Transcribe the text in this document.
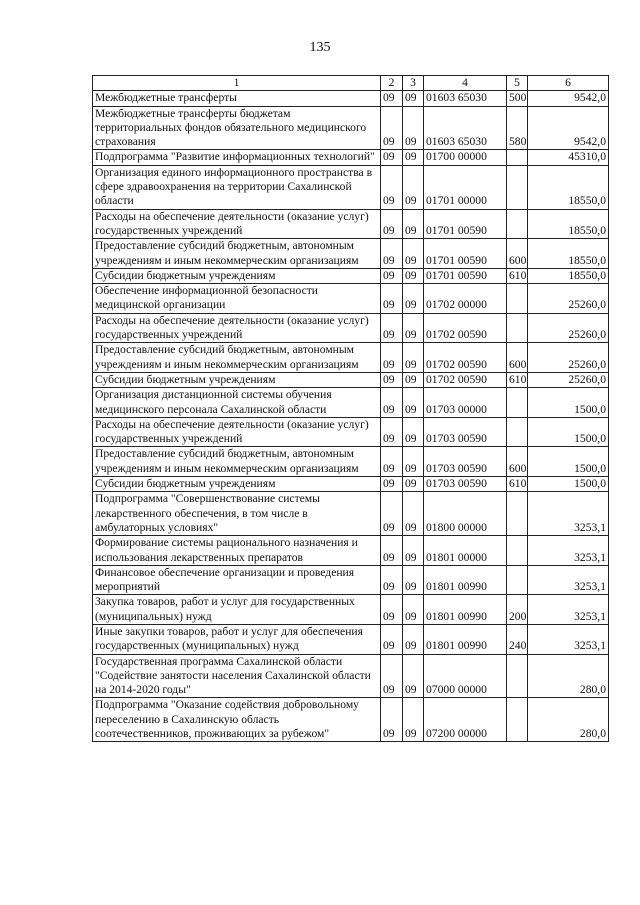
135
1	2	3	4	5	6
Межбюджетные трансферты	09	09	01603 65030	500	9542,0
Межбюджетные трансферты бюджетам территориальных фондов обязательного медицинского страхования	09	09	01603 65030	580	9542,0
Подпрограмма "Развитие информационных технологий"	09	09	01700 00000		45310,0
Организация единого информационного пространства в сфере здравоохранения на территории Сахалинской области	09	09	01701 00000		18550,0
Расходы на обеспечение деятельности (оказание услуг) государственных учреждений	09	09	01701 00590		18550,0
Предоставление субсидий бюджетным, автономным учреждениям и иным некоммерческим организациям	09	09	01701 00590	600	18550,0
Субсидии бюджетным учреждениям	09	09	01701 00590	610	18550,0
Обеспечение информационной безопасности медицинской организации	09	09	01702 00000		25260,0
Расходы на обеспечение деятельности (оказание услуг) государственных учреждений	09	09	01702 00590		25260,0
Предоставление субсидий бюджетным, автономным учреждениям и иным некоммерческим организациям	09	09	01702 00590	600	25260,0
Субсидии бюджетным учреждениям	09	09	01702 00590	610	25260,0
Организация дистанционной системы обучения медицинского персонала Сахалинской области	09	09	01703 00000		1500,0
Расходы на обеспечение деятельности (оказание услуг) государственных учреждений	09	09	01703 00590		1500,0
Предоставление субсидий бюджетным, автономным учреждениям и иным некоммерческим организациям	09	09	01703 00590	600	1500,0
Субсидии бюджетным учреждениям	09	09	01703 00590	610	1500,0
Подпрограмма "Совершенствование системы лекарственного обеспечения, в том числе в амбулаторных условиях"	09	09	01800 00000		3253,1
Формирование системы рационального назначения и использования лекарственных препаратов	09	09	01801 00000		3253,1
Финансовое обеспечение организации и проведения мероприятий	09	09	01801 00990		3253,1
Закупка товаров, работ и услуг для государственных (муниципальных) нужд	09	09	01801 00990	200	3253,1
Иные закупки товаров, работ и услуг для обеспечения государственных (муниципальных) нужд	09	09	01801 00990	240	3253,1
Государственная программа Сахалинской области "Содействие занятости населения Сахалинской области на 2014-2020 годы"	09	09	07000 00000		280,0
Подпрограмма "Оказание содействия добровольному переселению в Сахалинскую область соотечественников, проживающих за рубежом"	09	09	07200 00000		280,0
